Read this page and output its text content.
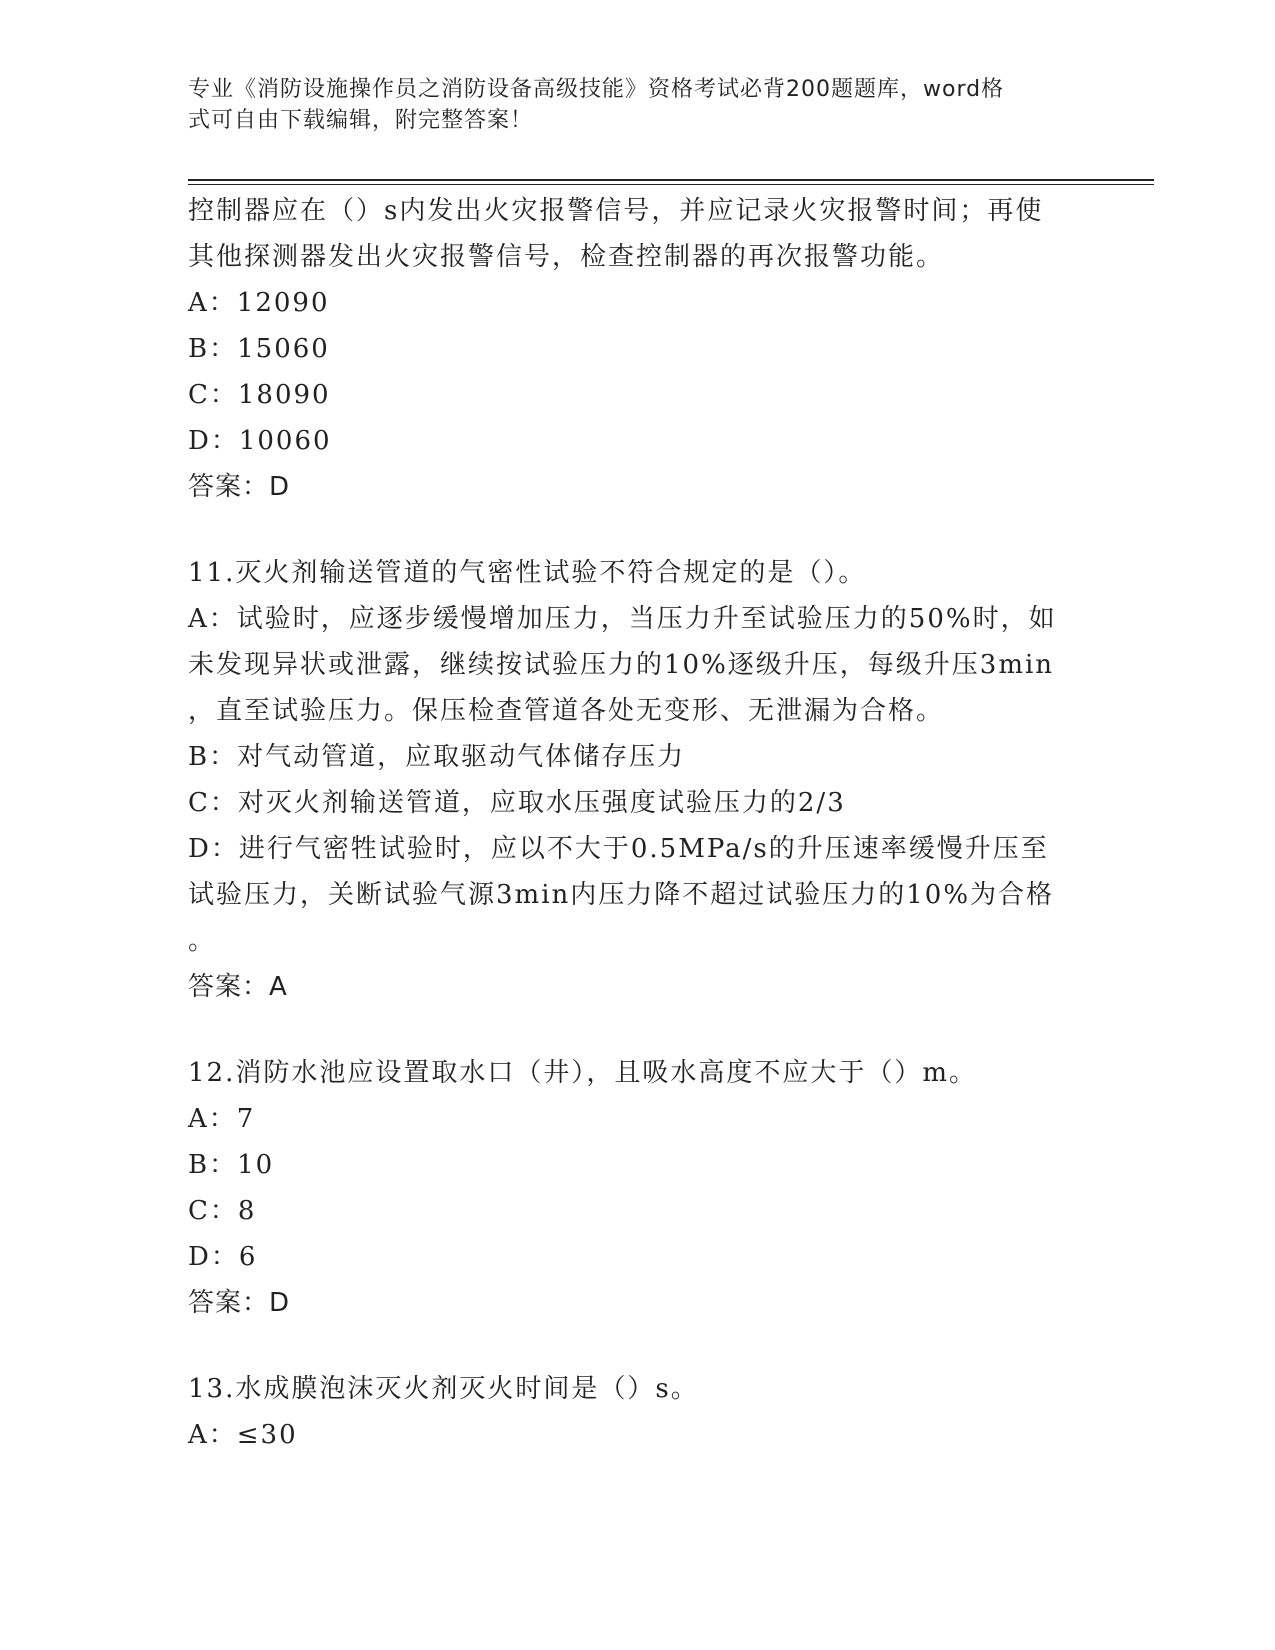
专业《消防设施操作员之消防设备高级技能》资格考试必背200题题库，word格
式可自由下载编辑，附完整答案！
控制器应在（）s内发出火灾报警信号，并应记录火灾报警时间；再使
其他探测器发出火灾报警信号，检查控制器的再次报警功能。
A：12090
B：15060
C：18090
D：10060
答案：D
11.灭火剂输送管道的气密性试验不符合规定的是（）。
A：试验时，应逐步缓慢增加压力，当压力升至试验压力的50%时，如
未发现异状或泄露，继续按试验压力的10%逐级升压，每级升压3min
，直至试验压力。保压检查管道各处无变形、无泄漏为合格。
B：对气动管道，应取驱动气体储存压力
C：对灭火剂输送管道，应取水压强度试验压力的2/3
D：进行气密牲试验时，应以不大于0.5MPa/s的升压速率缓慢升压至
试验压力，关断试验气源3min内压力降不超过试验压力的10%为合格
。
答案：A
12.消防水池应设置取水口（井），且吸水高度不应大于（）m。
A：7
B：10
C：8
D：6
答案：D
13.水成膜泡沫灭火剂灭火时间是（）s。
A：≤30
